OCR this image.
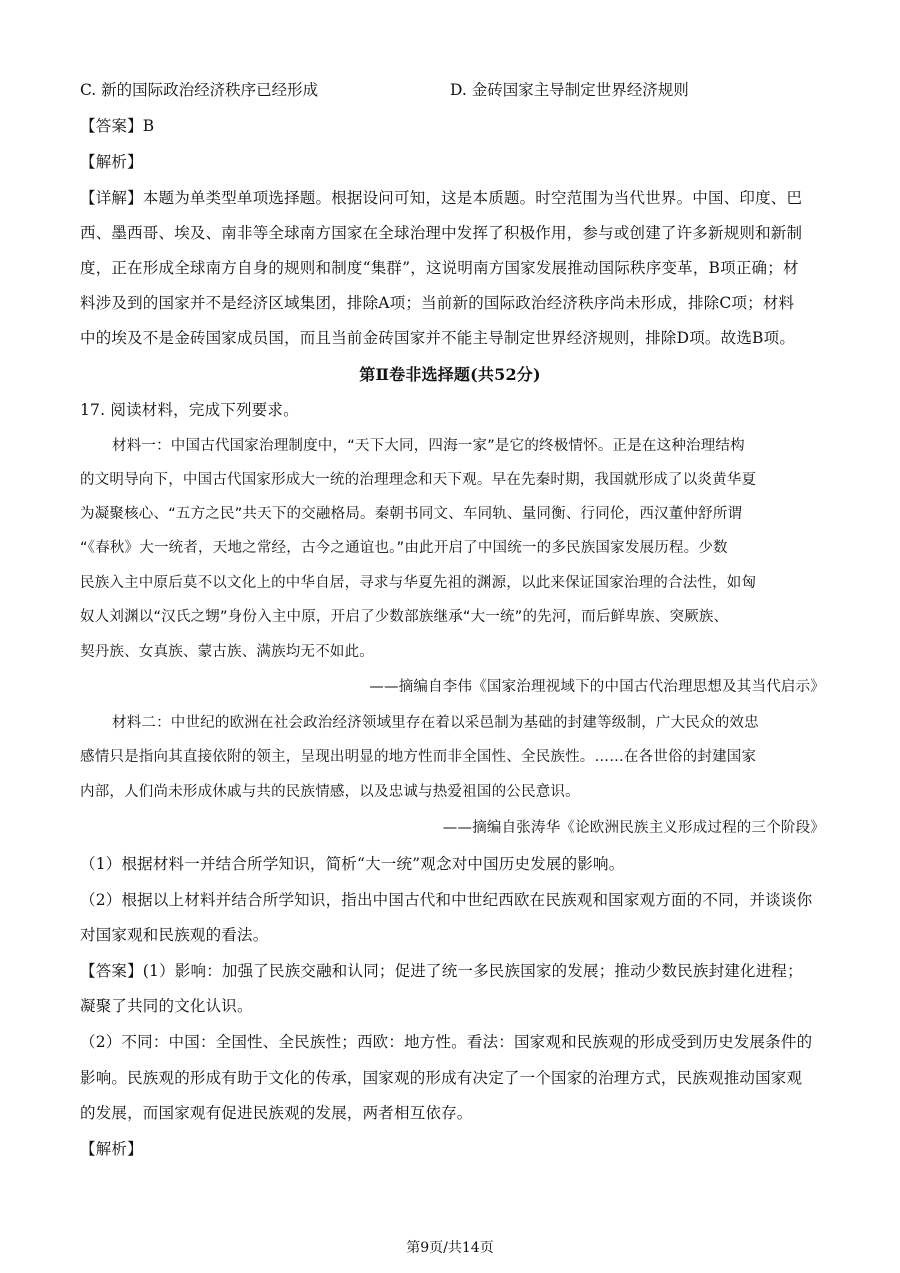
C. 新的国际政治经济秩序已经形成	D. 金砖国家主导制定世界经济规则
【答案】B
【解析】
【详解】本题为单类型单项选择题。根据设问可知，这是本质题。时空范围为当代世界。中国、印度、巴
西、墨西哥、埃及、南非等全球南方国家在全球治理中发挥了积极作用，参与或创建了许多新规则和新制
度，正在形成全球南方自身的规则和制度“集群”，这说明南方国家发展推动国际秩序变革，B项正确；材
料涉及到的国家并不是经济区域集团，排除A项；当前新的国际政治经济秩序尚未形成，排除C项；材料
中的埃及不是金砖国家成员国，而且当前金砖国家并不能主导制定世界经济规则，排除D项。故选B项。
第Ⅱ卷非选择题(共52分)
17. 阅读材料，完成下列要求。
材料一：中国古代国家治理制度中，“天下大同，四海一家”是它的终极情怀。正是在这种治理结构
的文明导向下，中国古代国家形成大一统的治理理念和天下观。早在先秦时期，我国就形成了以炎黄华夏
为凝聚核心、“五方之民”共天下的交融格局。秦朝书同文、车同轨、量同衡、行同伦，西汉董仲舒所谓
“《春秋》大一统者，天地之常经，古今之通谊也。”由此开启了中国统一的多民族国家发展历程。少数
民族入主中原后莫不以文化上的中华自居，寻求与华夏先祖的渊源，以此来保证国家治理的合法性，如匈
奴人刘渊以“汉氏之甥”身份入主中原，开启了少数部族继承“大一统”的先河，而后鲜卑族、突厥族、
契丹族、女真族、蒙古族、满族均无不如此。
——摘编自李伟《国家治理视域下的中国古代治理思想及其当代启示》
材料二：中世纪的欧洲在社会政治经济领域里存在着以采邑制为基础的封建等级制，广大民众的效忠
感情只是指向其直接依附的领主，呈现出明显的地方性而非全国性、全民族性。……在各世俗的封建国家
内部，人们尚未形成休戚与共的民族情感，以及忠诚与热爱祖国的公民意识。
——摘编自张涛华《论欧洲民族主义形成过程的三个阶段》
（1）根据材料一并结合所学知识，简析“大一统”观念对中国历史发展的影响。
（2）根据以上材料并结合所学知识，指出中国古代和中世纪西欧在民族观和国家观方面的不同，并谈谈你
对国家观和民族观的看法。
【答案】(1）影响：加强了民族交融和认同；促进了统一多民族国家的发展；推动少数民族封建化进程；
凝聚了共同的文化认识。
（2）不同：中国：全国性、全民族性；西欧：地方性。看法：国家观和民族观的形成受到历史发展条件的
影响。民族观的形成有助于文化的传承，国家观的形成有决定了一个国家的治理方式，民族观推动国家观
的发展，而国家观有促进民族观的发展，两者相互依存。
【解析】
第9页/共14页
